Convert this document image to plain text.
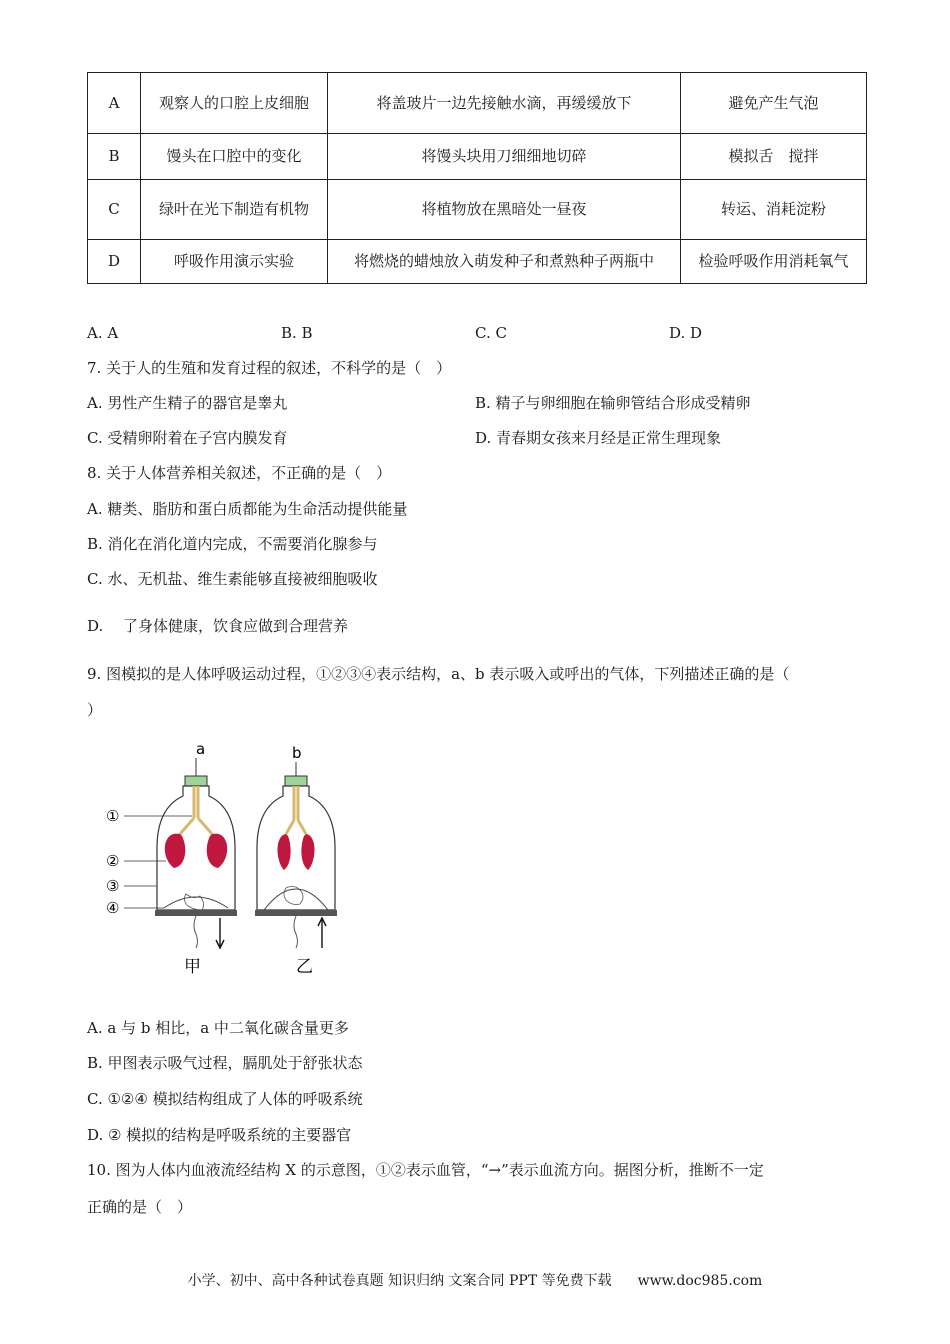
A	观察人的口腔上皮细胞	将盖玻片一边先接触水滴，再缓缓放下	避免产生气泡
B	馒头在口腔中的变化	将馒头块用刀细细地切碎	模拟舌　搅拌
C	绿叶在光下制造有机物	将植物放在黑暗处一昼夜	转运、消耗淀粉
D	呼吸作用演示实验	将燃烧的蜡烛放入萌发种子和煮熟种子两瓶中	检验呼吸作用消耗氧气
A. A	B. B	C. C	D. D
7. 关于人的生殖和发育过程的叙述，不科学的是（　）
A. 男性产生精子的器官是睾丸	B. 精子与卵细胞在输卵管结合形成受精卵
C. 受精卵附着在子宫内膜发育	D. 青春期女孩来月经是正常生理现象
8. 关于人体营养相关叙述，不正确的是（　）
A. 糖类、脂肪和蛋白质都能为生命活动提供能量
B. 消化在消化道内完成，不需要消化腺参与
C. 水、无机盐、维生素能够直接被细胞吸收
D.　 了身体健康，饮食应做到合理营养
9. 图模拟的是人体呼吸运动过程，①②③④表示结构，a、b 表示吸入或呼出的气体，下列描述正确的是（
）
a	b
①
②
③
④
甲	乙
A. a 与 b 相比，a 中二氧化碳含量更多
B. 甲图表示吸气过程，膈肌处于舒张状态
C. ①②④ 模拟结构组成了人体的呼吸系统
D. ② 模拟的结构是呼吸系统的主要器官
10. 图为人体内血液流经结构 X 的示意图，①②表示血管，“→”表示血流方向。据图分析，推断不一定
正确的是（　）
小学、初中、高中各种试卷真题 知识归纳 文案合同 PPT 等免费下载 www.doc985.com
